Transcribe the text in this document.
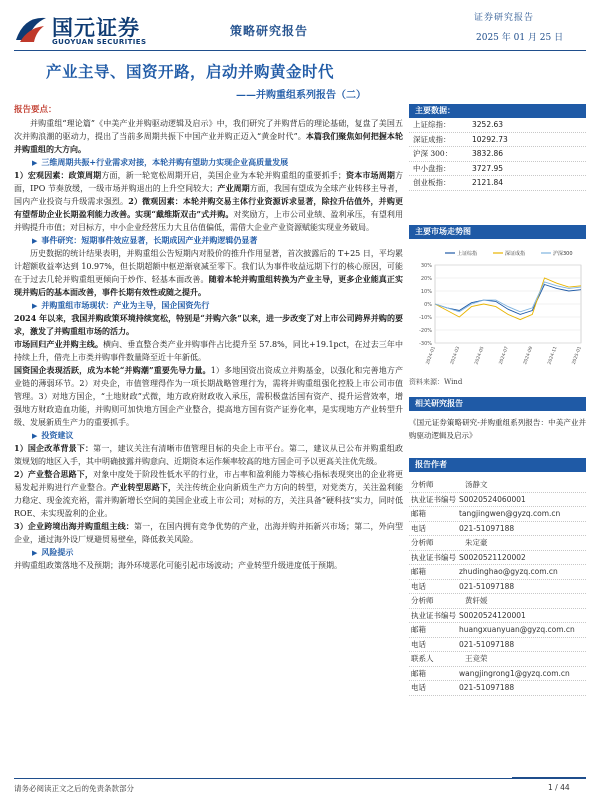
国元证券
GUOYUAN SECURITIES
策略研究报告
证券研究报告
2025 年 01 月 25 日
产业主导、国资开路，启动并购黄金时代
——并购重组系列报告（二）

报告要点：

并购重组“理论篇”《中美产业并购驱动逻辑及启示》中，我们研究了并购背后的理论基础，复盘了美国五次并购浪潮的驱动力，提出了当前多周期共振下中国产业并购正迈入“黄金时代”。本篇我们聚焦如何把握本轮并购重组的大方向。

▶ 三维周期共振+行业需求对接，本轮并购有望助力实现企业高质量发展

1）宏观因素：政策周期方面，新一轮宽松周期开启，美国企业为本轮并购重组的重要抓手；资本市场周期方面，IPO 节奏放缓，一级市场并购退出的上升空间较大；产业周期方面，我国有望成为全球产业转移主导者，国内产业投资与升级需求强烈。2）微观因素：本轮并购交易主体行业资源诉求显著，除拉升估值外，并购更有望帮助企业长期盈利能力改善。实现“戴维斯双击”式并购。对奖励方，上市公司业绩、盈利承压，有望利用并购提升市值；对目标方，中小企业经营压力大且估值偏低，需借大企业产业资源赋能实现业务破局。

▶ 事件研究：短期事件效应显著，长期成因产业并购逻辑仍显著

历史数据的统计结果表明，并购重组公告短期内对股价的推升作用显著，首次披露后的 T+25 日，平均累计超额收益率达到 10.97%，但长期超额中枢逆渐衰减至零下。我们认为事件收益远期下行的核心原因，可能在于过去几轮并购重组更倾向于炒作、轻基本面改善。随着本轮并购重组转换为产业主导，更多企业能真正实现并购后的基本面改善，事件长期有效性或随之提升。

▶ 并购重组市场现状：产业为主导，国企国资先行

2024 年以来，我国并购政策环境持续宽松，特别是“并购六条”以来，进一步改变了对上市公司跨界并购的要求，激发了并购重组市场的活力。

市场回归产业并购主线。横向、垂直整合类产业并购事件占比提升至 57.8%，同比+19.1pct，在过去三年中持续上升，借壳上市类并购事件数量降至近十年新低。

国资国企表现活跃，成为本轮“并购潮”重要先导力量。1）多地国资出资成立并购基金，以强化和完善地方产业链的薄弱环节。2）对央企，市值管理得作为一项长期战略管理行为，需将并购重组强化控股上市公司市值管理。3）对地方国企，“土地财政”式微，地方政府财政收入承压，需积极盘活国有资产、提升运营效率，增强地方财政造血功能，并购则可加快地方国企产业整合，提高地方国有资产证券化率，是实现地方产业转型升级、发展新质生产力的重要抓手。

▶ 投资建议

1）国企改革背景下：第一，建议关注有清晰市值管理目标的央企上市平台。第二，建议从已公布并购重组政策规划的地区入手，其中明确披露并购意向、近期资本运作频率较高的地方国企可予以更高关注优先级。

2）产业整合思路下，对象中度处于阶段性低水平的行业，市占率和盈利能力等核心指标表现突出的企业将更易发起并购进行产业整合。产业转型思路下，关注传统企业向新质生产力方向的转型，对党类方，关注盈利能力稳定、现金流充裕，需并购新增长空间的美国企业或上市公司；对标的方，关注具备“硬科技”实力，同时低ROE、未实现盈利的企业。

3）企业跨境出海并购重组主线：第一，在国内拥有竞争优势的产业，出海并购并拓新兴市场；第二，外向型企业，通过海外设厂规避贸易壁垒，降低救关风险。

▶ 风险提示

并购重组政策落地不及预期；海外环境恶化可能引起市场波动；产业转型升级进度低于预期。

主要数据：
上证综指：	3252.63
深证成指：	10292.73
沪深 300：	3832.86
中小盘指：	3727.95
创业板指：	2121.84
主要市场走势图
30%
20%
10%
0%
-10%
-20%
-30%
2024-01	2024-03	2024-05	2024-07	2024-09	2024-11	2025-01
上证综指	深证成指	沪深300
资料来源：Wind
相关研究报告
《国元证券策略研究-并购重组系列报告：中美产业并购驱动逻辑及启示》
报告作者
分析师	汤静文
执业证书编号 S0020524060001
邮箱	tangjingwen@gyzq.com.cn
电话	021-51097188
分析师	朱定豪
执业证书编号 S0020521120002
邮箱	zhudinghao@gyzq.com.cn
电话	021-51097188
分析师	黄轩媛
执业证书编号 S0020524120001
邮箱	huangxuanyuan@gyzq.com.cn
电话	021-51097188
联系人	王竞荣
邮箱	wangjingrong1@gyzq.com.cn
电话	021-51097188
请务必阅读正文之后的免责条款部分	1 / 44
